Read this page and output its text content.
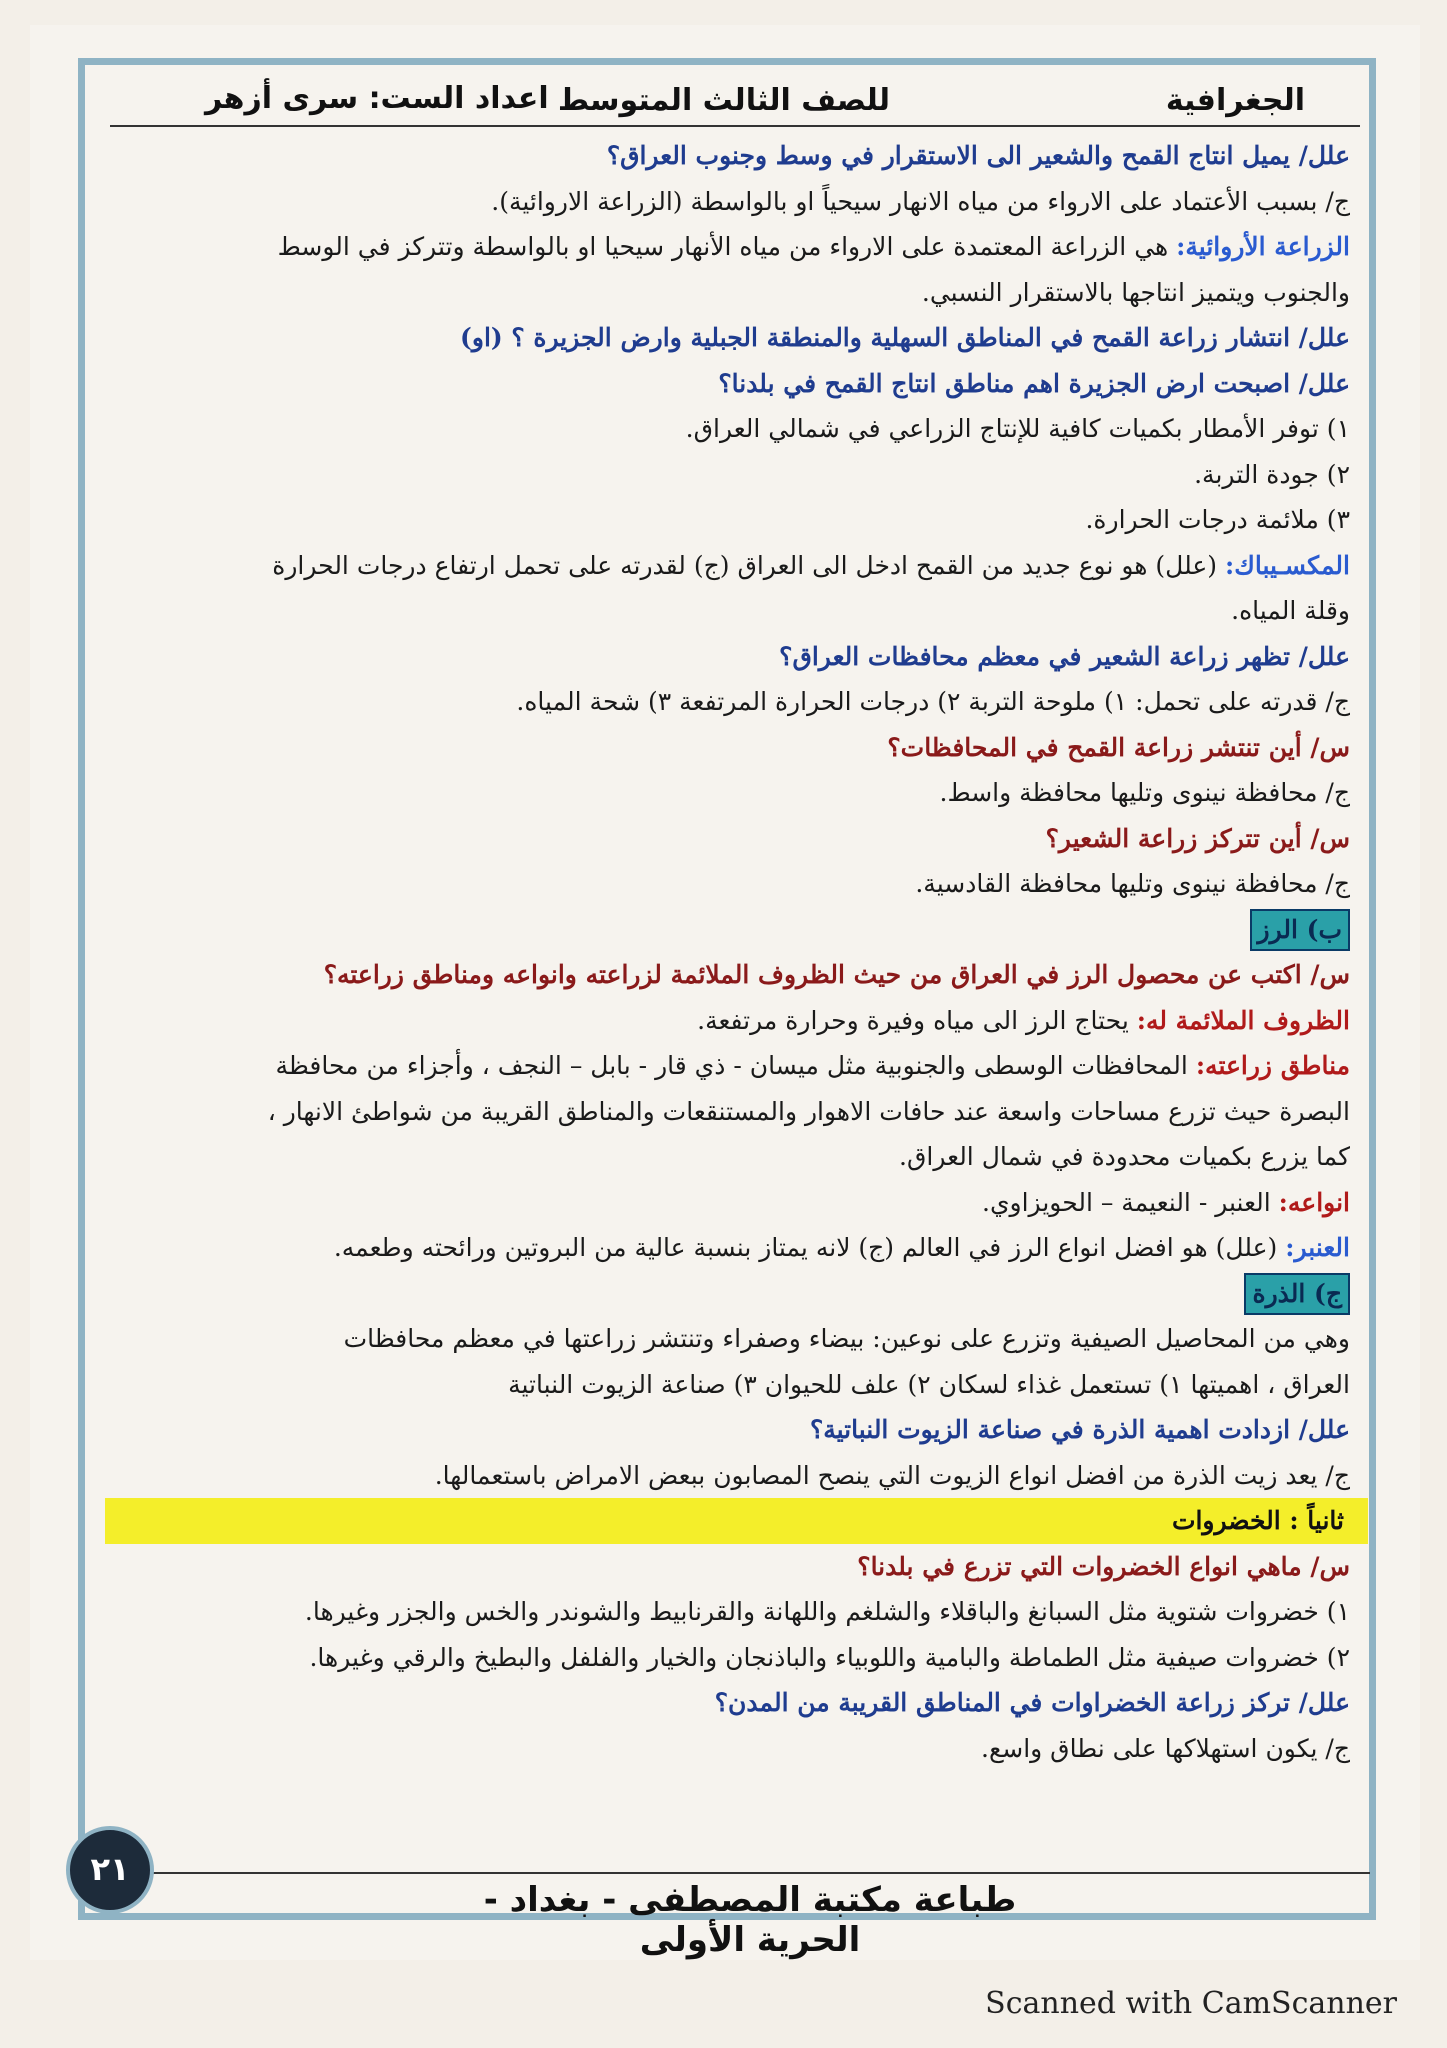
الجغرافية
للصف الثالث المتوسط
اعداد الست: سرى أزهر
علل/ يميل انتاج القمح والشعير الى الاستقرار في وسط وجنوب العراق؟
ج/ بسبب الأعتماد على الارواء من مياه الانهار سيحياً او بالواسطة (الزراعة الاروائية).
الزراعة الأروائية: هي الزراعة المعتمدة على الارواء من مياه الأنهار سيحيا او بالواسطة وتتركز في الوسط
والجنوب ويتميز انتاجها بالاستقرار النسبي.
علل/ انتشار زراعة القمح في المناطق السهلية والمنطقة الجبلية وارض الجزيرة ؟ (او)
علل/ اصبحت ارض الجزيرة اهم مناطق انتاج القمح في بلدنا؟
١) توفر الأمطار بكميات كافية للإنتاج الزراعي في شمالي العراق.
٢) جودة التربة.
٣) ملائمة درجات الحرارة.
المكسـيباك: (علل) هو نوع جديد من القمح ادخل الى العراق (ج) لقدرته على تحمل ارتفاع درجات الحرارة
وقلة المياه.
علل/ تظهر زراعة الشعير في معظم محافظات العراق؟
ج/ قدرته على تحمل: ١) ملوحة التربة ٢) درجات الحرارة المرتفعة ٣) شحة المياه.
س/ أين تنتشر زراعة القمح في المحافظات؟
ج/ محافظة نينوى وتليها محافظة واسط.
س/ أين تتركز زراعة الشعير؟
ج/ محافظة نينوى وتليها محافظة القادسية.
ب) الرز
س/ اكتب عن محصول الرز في العراق من حيث الظروف الملائمة لزراعته وانواعه ومناطق زراعته؟
الظروف الملائمة له: يحتاج الرز الى مياه وفيرة وحرارة مرتفعة.
مناطق زراعته: المحافظات الوسطى والجنوبية مثل ميسان - ذي قار - بابل – النجف ، وأجزاء من محافظة
البصرة حيث تزرع مساحات واسعة عند حافات الاهوار والمستنقعات والمناطق القريبة من شواطئ الانهار ،
كما يزرع بكميات محدودة في شمال العراق.
انواعه: العنبر - النعيمة – الحويزاوي.
العنبر: (علل) هو افضل انواع الرز في العالم (ج) لانه يمتاز بنسبة عالية من البروتين ورائحته وطعمه.
ج) الذرة
وهي من المحاصيل الصيفية وتزرع على نوعين: بيضاء وصفراء وتنتشر زراعتها في معظم محافظات
العراق ، اهميتها ١) تستعمل غذاء لسكان ٢) علف للحيوان ٣) صناعة الزيوت النباتية
علل/ ازدادت اهمية الذرة في صناعة الزيوت النباتية؟
ج/ يعد زيت الذرة من افضل انواع الزيوت التي ينصح المصابون ببعض الامراض باستعمالها.
ثانياً : الخضروات
س/ ماهي انواع الخضروات التي تزرع في بلدنا؟
١) خضروات شتوية مثل السبانغ والباقلاء والشلغم واللهانة والقرنابيط والشوندر والخس والجزر وغيرها.
٢) خضروات صيفية مثل الطماطة والبامية واللوبياء والباذنجان والخيار والفلفل والبطيخ والرقي وغيرها.
علل/ تركز زراعة الخضراوات في المناطق القريبة من المدن؟
ج/ يكون استهلاكها على نطاق واسع.
٢١
طباعة مكتبة المصطفى - بغداد - الحرية الأولى
Scanned with CamScanner
